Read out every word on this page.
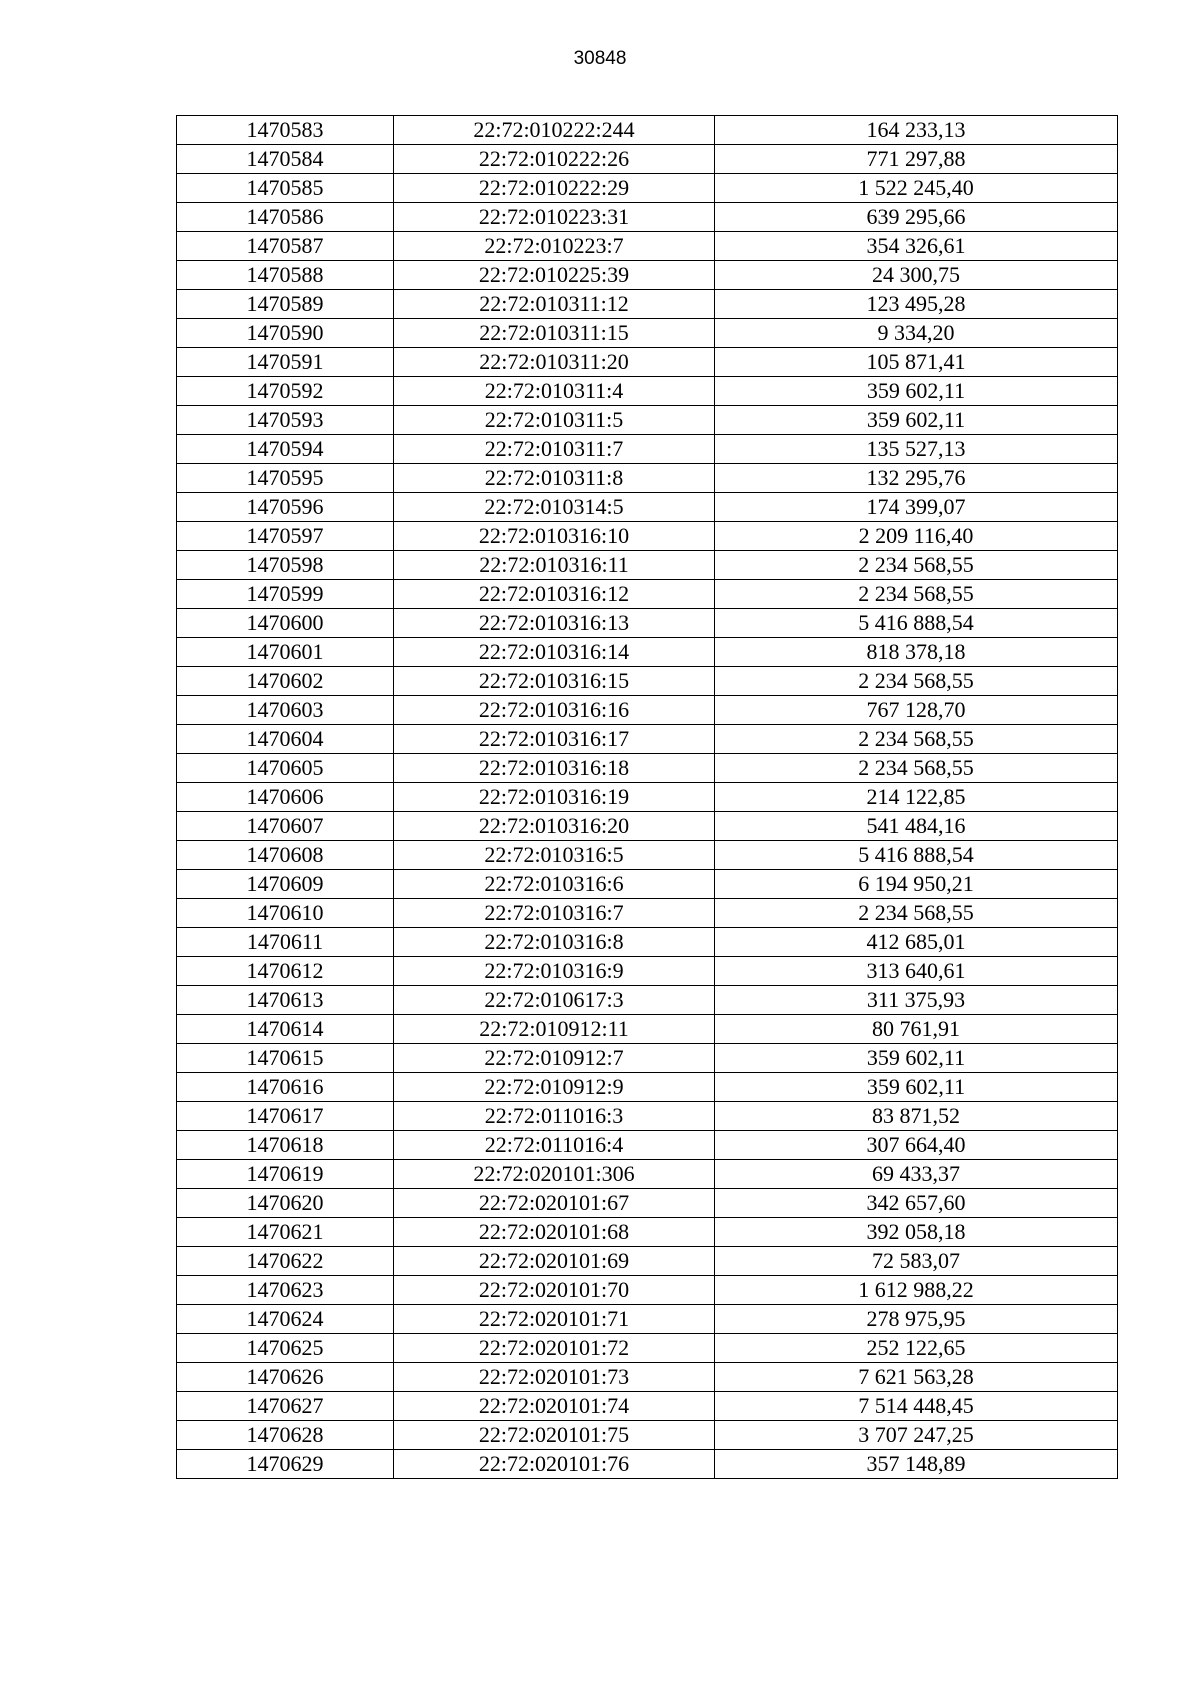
30848
1470583	22:72:010222:244	164 233,13
1470584	22:72:010222:26	771 297,88
1470585	22:72:010222:29	1 522 245,40
1470586	22:72:010223:31	639 295,66
1470587	22:72:010223:7	354 326,61
1470588	22:72:010225:39	24 300,75
1470589	22:72:010311:12	123 495,28
1470590	22:72:010311:15	9 334,20
1470591	22:72:010311:20	105 871,41
1470592	22:72:010311:4	359 602,11
1470593	22:72:010311:5	359 602,11
1470594	22:72:010311:7	135 527,13
1470595	22:72:010311:8	132 295,76
1470596	22:72:010314:5	174 399,07
1470597	22:72:010316:10	2 209 116,40
1470598	22:72:010316:11	2 234 568,55
1470599	22:72:010316:12	2 234 568,55
1470600	22:72:010316:13	5 416 888,54
1470601	22:72:010316:14	818 378,18
1470602	22:72:010316:15	2 234 568,55
1470603	22:72:010316:16	767 128,70
1470604	22:72:010316:17	2 234 568,55
1470605	22:72:010316:18	2 234 568,55
1470606	22:72:010316:19	214 122,85
1470607	22:72:010316:20	541 484,16
1470608	22:72:010316:5	5 416 888,54
1470609	22:72:010316:6	6 194 950,21
1470610	22:72:010316:7	2 234 568,55
1470611	22:72:010316:8	412 685,01
1470612	22:72:010316:9	313 640,61
1470613	22:72:010617:3	311 375,93
1470614	22:72:010912:11	80 761,91
1470615	22:72:010912:7	359 602,11
1470616	22:72:010912:9	359 602,11
1470617	22:72:011016:3	83 871,52
1470618	22:72:011016:4	307 664,40
1470619	22:72:020101:306	69 433,37
1470620	22:72:020101:67	342 657,60
1470621	22:72:020101:68	392 058,18
1470622	22:72:020101:69	72 583,07
1470623	22:72:020101:70	1 612 988,22
1470624	22:72:020101:71	278 975,95
1470625	22:72:020101:72	252 122,65
1470626	22:72:020101:73	7 621 563,28
1470627	22:72:020101:74	7 514 448,45
1470628	22:72:020101:75	3 707 247,25
1470629	22:72:020101:76	357 148,89
